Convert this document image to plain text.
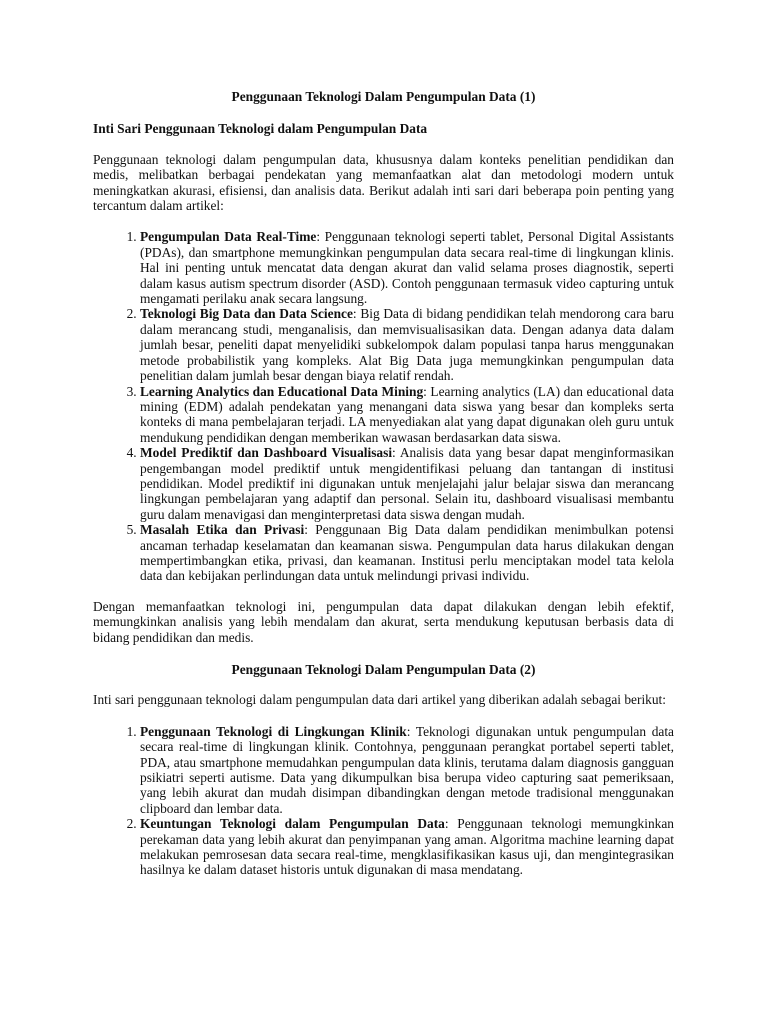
Penggunaan Teknologi Dalam Pengumpulan Data (1)

Inti Sari Penggunaan Teknologi dalam Pengumpulan Data

Penggunaan teknologi dalam pengumpulan data, khususnya dalam konteks penelitian pendidikan dan medis, melibatkan berbagai pendekatan yang memanfaatkan alat dan metodologi modern untuk meningkatkan akurasi, efisiensi, dan analisis data. Berikut adalah inti sari dari beberapa poin penting yang tercantum dalam artikel:

1. Pengumpulan Data Real-Time: Penggunaan teknologi seperti tablet, Personal Digital Assistants (PDAs), dan smartphone memungkinkan pengumpulan data secara real-time di lingkungan klinis. Hal ini penting untuk mencatat data dengan akurat dan valid selama proses diagnostik, seperti dalam kasus autism spectrum disorder (ASD). Contoh penggunaan termasuk video capturing untuk mengamati perilaku anak secara langsung.
2. Teknologi Big Data dan Data Science: Big Data di bidang pendidikan telah mendorong cara baru dalam merancang studi, menganalisis, dan memvisualisasikan data. Dengan adanya data dalam jumlah besar, peneliti dapat menyelidiki subkelompok dalam populasi tanpa harus menggunakan metode probabilistik yang kompleks. Alat Big Data juga memungkinkan pengumpulan data penelitian dalam jumlah besar dengan biaya relatif rendah.
3. Learning Analytics dan Educational Data Mining: Learning analytics (LA) dan educational data mining (EDM) adalah pendekatan yang menangani data siswa yang besar dan kompleks serta konteks di mana pembelajaran terjadi. LA menyediakan alat yang dapat digunakan oleh guru untuk mendukung pendidikan dengan memberikan wawasan berdasarkan data siswa.
4. Model Prediktif dan Dashboard Visualisasi: Analisis data yang besar dapat menginformasikan pengembangan model prediktif untuk mengidentifikasi peluang dan tantangan di institusi pendidikan. Model prediktif ini digunakan untuk menjelajahi jalur belajar siswa dan merancang lingkungan pembelajaran yang adaptif dan personal. Selain itu, dashboard visualisasi membantu guru dalam menavigasi dan menginterpretasi data siswa dengan mudah.
5. Masalah Etika dan Privasi: Penggunaan Big Data dalam pendidikan menimbulkan potensi ancaman terhadap keselamatan dan keamanan siswa. Pengumpulan data harus dilakukan dengan mempertimbangkan etika, privasi, dan keamanan. Institusi perlu menciptakan model tata kelola data dan kebijakan perlindungan data untuk melindungi privasi individu.

Dengan memanfaatkan teknologi ini, pengumpulan data dapat dilakukan dengan lebih efektif, memungkinkan analisis yang lebih mendalam dan akurat, serta mendukung keputusan berbasis data di bidang pendidikan dan medis.

Penggunaan Teknologi Dalam Pengumpulan Data (2)

Inti sari penggunaan teknologi dalam pengumpulan data dari artikel yang diberikan adalah sebagai berikut:

1. Penggunaan Teknologi di Lingkungan Klinik: Teknologi digunakan untuk pengumpulan data secara real-time di lingkungan klinik. Contohnya, penggunaan perangkat portabel seperti tablet, PDA, atau smartphone memudahkan pengumpulan data klinis, terutama dalam diagnosis gangguan psikiatri seperti autisme. Data yang dikumpulkan bisa berupa video capturing saat pemeriksaan, yang lebih akurat dan mudah disimpan dibandingkan dengan metode tradisional menggunakan clipboard dan lembar data.
2. Keuntungan Teknologi dalam Pengumpulan Data: Penggunaan teknologi memungkinkan perekaman data yang lebih akurat dan penyimpanan yang aman. Algoritma machine learning dapat melakukan pemrosesan data secara real-time, mengklasifikasikan kasus uji, dan mengintegrasikan hasilnya ke dalam dataset historis untuk digunakan di masa mendatang.
